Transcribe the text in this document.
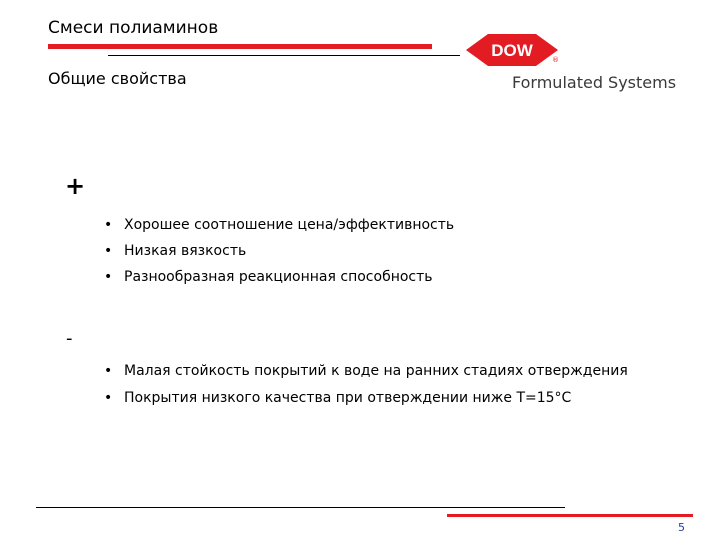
Смеси полиаминов
Общие свойства
DOW	®
Formulated Systems
+
• Хорошее соотношение цена/эффективность
• Низкая вязкость
• Разнообразная реакционная способность
-
• Малая стойкость покрытий к воде на ранних стадиях отверждения
• Покрытия низкого качества при отверждении ниже T=15°C
5
